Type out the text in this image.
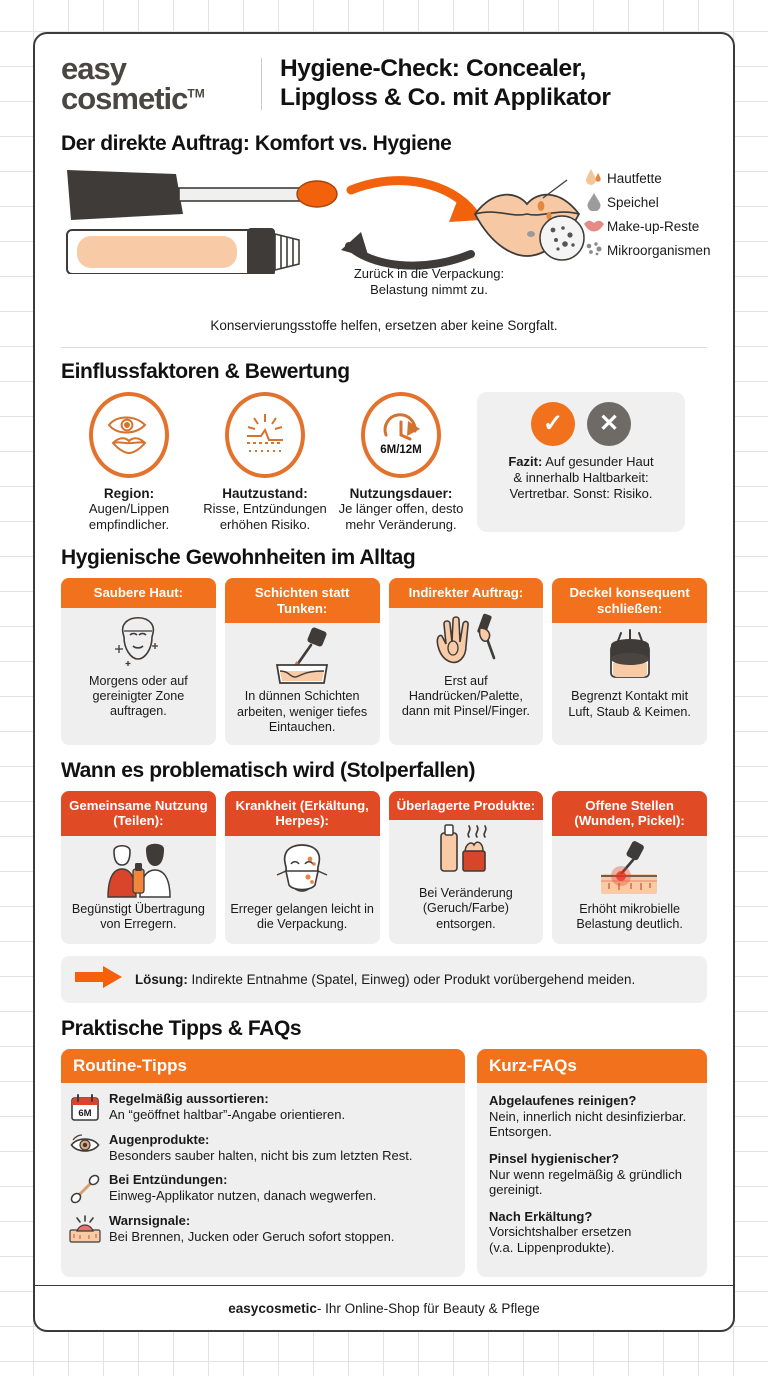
easy
cosmetic™
Hygiene-Check: Concealer,
Lipgloss & Co. mit Applikator
Der direkte Auftrag: Komfort vs. Hygiene
Hautfette
Speichel
Make-up-Reste
Mikroorganismen
Zurück in die Verpackung:
Belastung nimmt zu.
Konservierungsstoffe helfen, ersetzen aber keine Sorgfalt.
Einflussfaktoren & Bewertung
Region:
Augen/Lippen
empfindlicher.
Hautzustand:
Risse, Entzündungen
erhöhen Risiko.
6M/12M
Nutzungsdauer:
Je länger offen, desto
mehr Veränderung.
✓	✕
Fazit: Auf gesunder Haut
& innerhalb Haltbarkeit:
Vertretbar. Sonst: Risiko.
Hygienische Gewohnheiten im Alltag
Saubere Haut:
Morgens oder auf gereinigter Zone auftragen.
Schichten statt Tunken:
In dünnen Schichten arbeiten, weniger tiefes Eintauchen.
Indirekter Auftrag:
Erst auf Handrücken/Palette, dann mit Pinsel/Finger.
Deckel konsequent schließen:
Begrenzt Kontakt mit Luft, Staub & Keimen.
Wann es problematisch wird (Stolperfallen)
Gemeinsame Nutzung (Teilen):
Begünstigt Übertragung von Erregern.
Krankheit (Erkältung, Herpes):
Erreger gelangen leicht in die Verpackung.
Überlagerte Produkte:
Bei Veränderung (Geruch/Farbe) entsorgen.
Offene Stellen (Wunden, Pickel):
Erhöht mikrobielle Belastung deutlich.
Lösung: Indirekte Entnahme (Spatel, Einweg) oder Produkt vorübergehend meiden.
Praktische Tipps & FAQs
Routine-Tipps
6M
Regelmäßig aussortieren:
An “geöffnet haltbar”-Angabe orientieren.
Augenprodukte:
Besonders sauber halten, nicht bis zum letzten Rest.
Bei Entzündungen:
Einweg-Applikator nutzen, danach wegwerfen.
Warnsignale:
Bei Brennen, Jucken oder Geruch sofort stoppen.
Kurz-FAQs
Abgelaufenes reinigen?
Nein, innerlich nicht desinfizierbar.
Entsorgen.
Pinsel hygienischer?
Nur wenn regelmäßig & gründlich
gereinigt.
Nach Erkältung?
Vorsichtshalber ersetzen
(v.a. Lippenprodukte).
easycosmetic - Ihr Online-Shop für Beauty & Pflege
